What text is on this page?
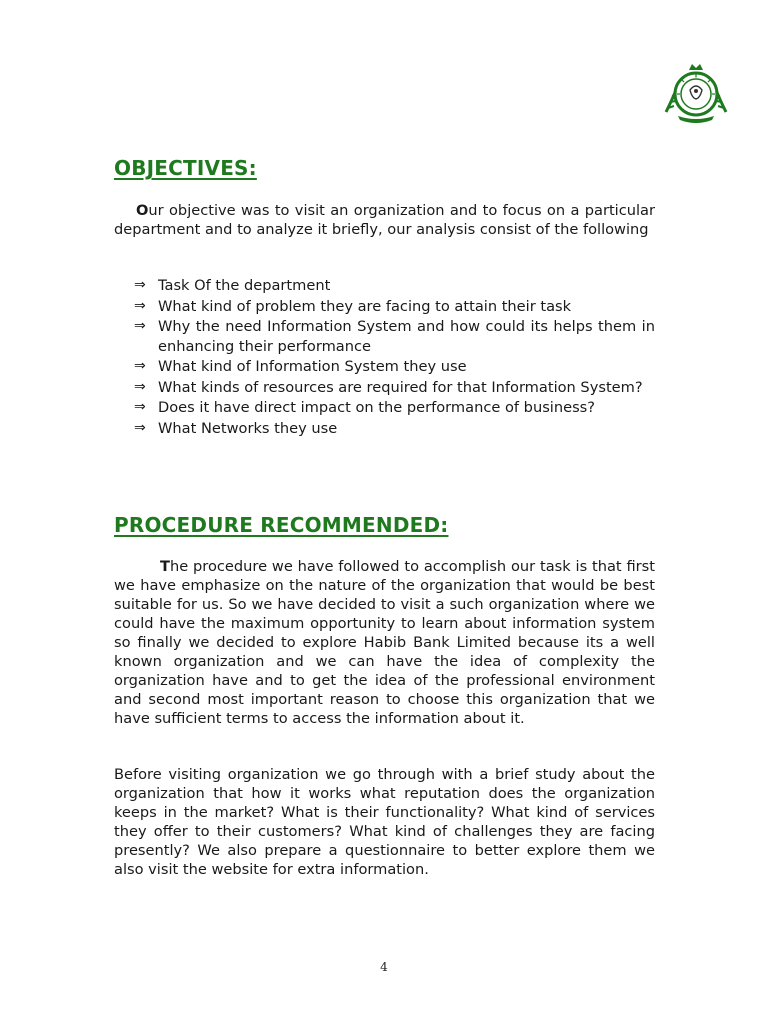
OBJECTIVES:

Our objective was to visit an organization and to focus on a particular department and to analyze it briefly, our analysis consist of the following

⇒ Task Of the department
⇒ What kind of problem they are facing to attain their task
⇒ Why the need Information System and how could its helps them in enhancing their performance
⇒ What kind of Information System they use
⇒ What kinds of resources are required for that Information System?
⇒ Does it have direct impact on the performance of business?
⇒ What Networks they use
PROCEDURE RECOMMENDED:

The procedure we have followed to accomplish our task is that first we have emphasize on the nature of the organization that would be best suitable for us. So we have decided to visit a such organization where we could have the maximum opportunity to learn about information system so finally we decided to explore Habib Bank Limited because its a well known organization and we can have the idea of complexity the organization have and to get the idea of the professional environment and second most important reason to choose this organization that we have sufficient terms to access the information about it.

Before visiting organization we go through with a brief study about the organization that how it works what reputation does the organization keeps in the market? What is their functionality? What kind of services they offer to their customers? What kind of challenges they are facing presently? We also prepare a questionnaire to better explore them we also visit the website for extra information.

4
